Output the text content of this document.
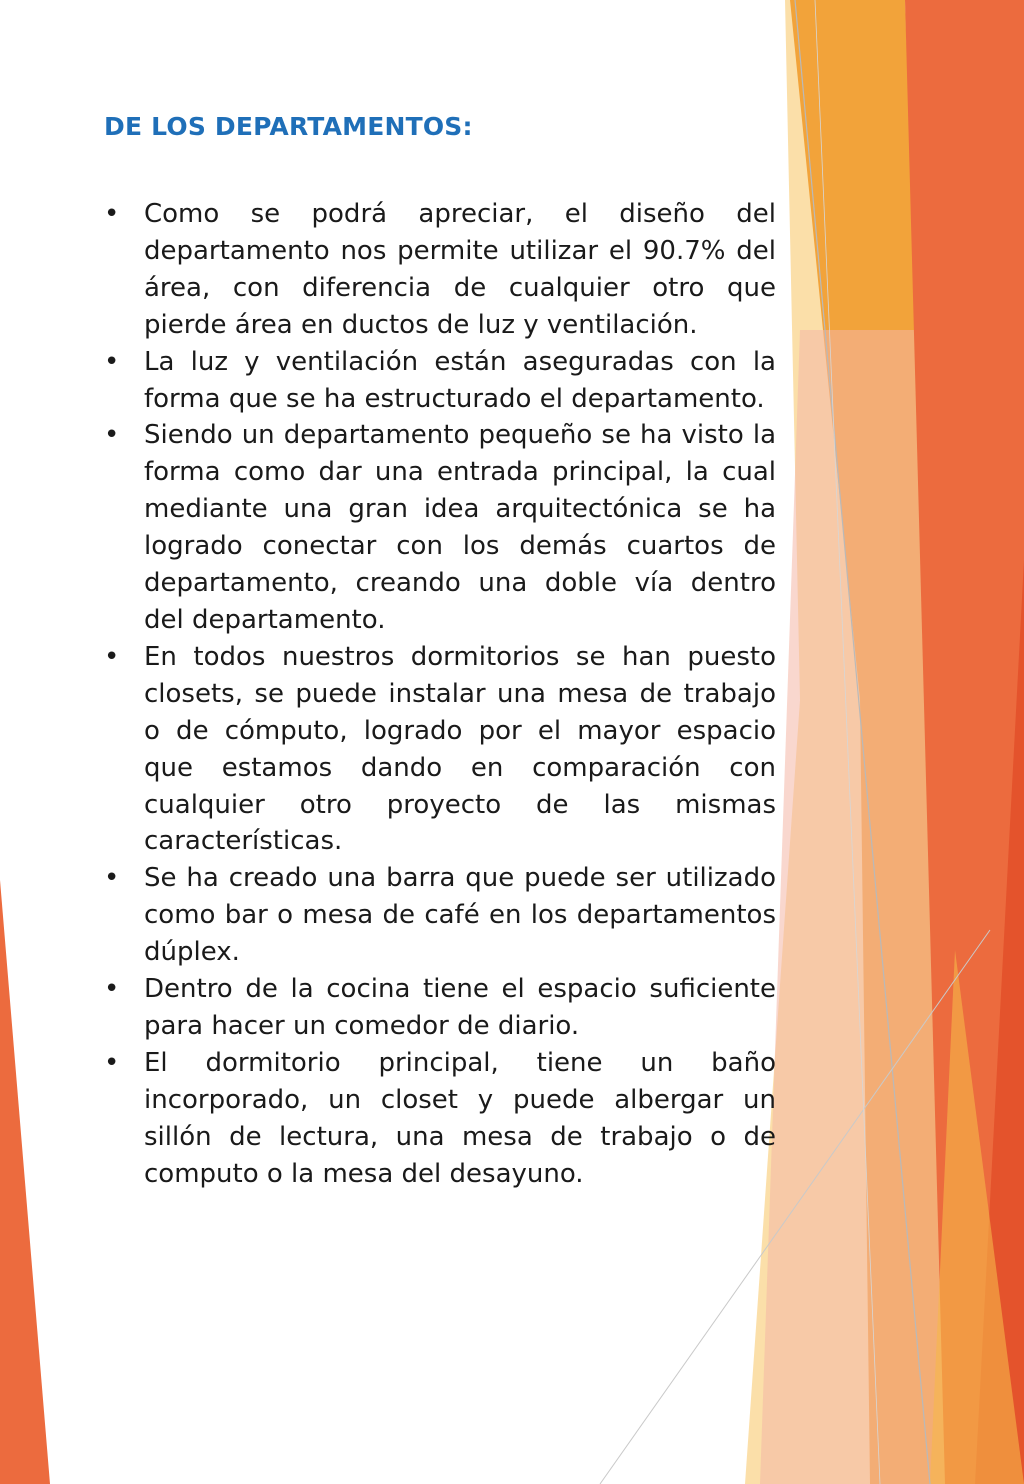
DE LOS DEPARTAMENTOS:
• Como se podrá apreciar, el diseño del departamento nos permite utilizar el 90.7% del área, con diferencia de cualquier otro que pierde área en ductos de luz y ventilación.
• La luz y ventilación están aseguradas con la forma que se ha estructurado el departamento.
• Siendo un departamento pequeño se ha visto la forma como dar una entrada principal, la cual mediante una gran idea arquitectónica se ha logrado conectar con los demás cuartos de departamento, creando una doble vía dentro del departamento.
• En todos nuestros dormitorios se han puesto closets, se puede instalar una mesa de trabajo o de cómputo, logrado por el mayor espacio que estamos dando en comparación con cualquier otro proyecto de las mismas características.
• Se ha creado una barra que puede ser utilizado como bar o mesa de café en los departamentos dúplex.
• Dentro de la cocina tiene el espacio suficiente para hacer un comedor de diario.
• El dormitorio principal, tiene un baño incorporado, un closet y puede albergar un sillón de lectura, una mesa de trabajo o de computo o la mesa del desayuno.
